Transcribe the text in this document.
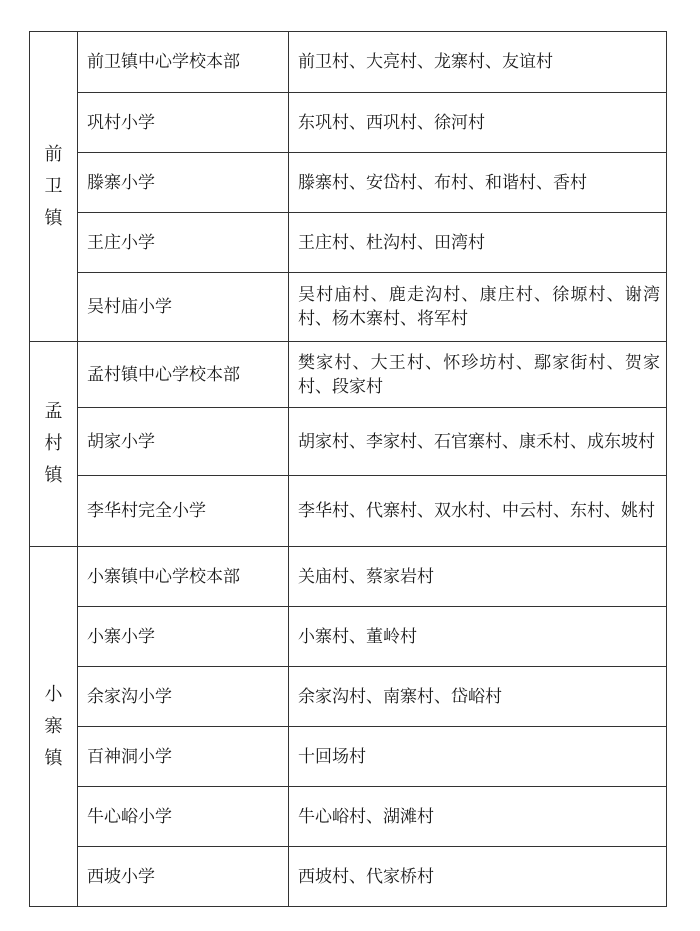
前卫镇	前卫镇中心学校本部	前卫村、大亮村、龙寨村、友谊村
	巩村小学	东巩村、西巩村、徐河村
	滕寨小学	滕寨村、安岱村、布村、和谐村、香村
	王庄小学	王庄村、杜沟村、田湾村
	吴村庙小学	吴村庙村、鹿走沟村、康庄村、徐塬村、谢湾村、杨木寨村、将军村
孟村镇	孟村镇中心学校本部	樊家村、大王村、怀珍坊村、鄢家街村、贺家村、段家村
	胡家小学	胡家村、李家村、石官寨村、康禾村、成东坡村
	李华村完全小学	李华村、代寨村、双水村、中云村、东村、姚村
小寨镇	小寨镇中心学校本部	关庙村、蔡家岩村
	小寨小学	小寨村、董岭村
	余家沟小学	余家沟村、南寨村、岱峪村
	百神洞小学	十回场村
	牛心峪小学	牛心峪村、湖滩村
	西坡小学	西坡村、代家桥村
